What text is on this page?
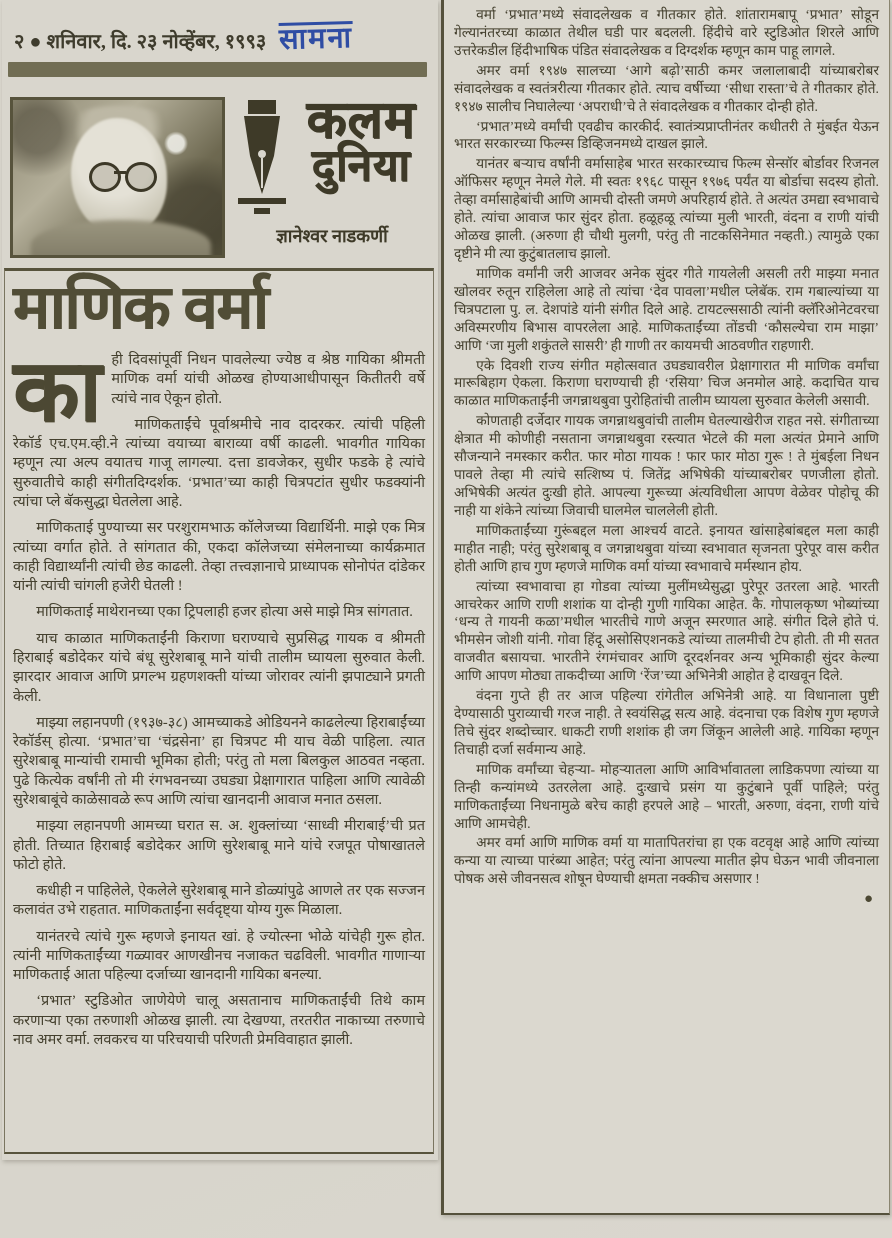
२ ● शनिवार, दि. २३ नोव्हेंबर, १९९३ सामना
कलम
दुनिया
ज्ञानेश्वर नाडकर्णी
माणिक वर्मा

का ही दिवसांपूर्वी निधन पावलेल्या ज्येष्ठ व श्रेष्ठ गायिका श्रीमती माणिक वर्मा यांची ओळख होण्याआधीपासून कितीतरी वर्षे त्यांचे नाव ऐकून होतो.

माणिकताईंचे पूर्वाश्रमीचे नाव दादरकर. त्यांची पहिली रेकॉर्ड एच.एम.व्ही.ने त्यांच्या वयाच्या बाराव्या वर्षी काढली. भावगीत गायिका म्हणून त्या अल्प वयातच गाजू लागल्या. दत्ता डावजेकर, सुधीर फडके हे त्यांचे सुरुवातीचे काही संगीतदिग्दर्शक. ‘प्रभात’च्या काही चित्रपटांत सुधीर फडक्यांनी त्यांचा प्ले बॅकसुद्धा घेतलेला आहे.

माणिकताई पुण्याच्या सर परशुरामभाऊ कॉलेजच्या विद्यार्थिनी. माझे एक मित्र त्यांच्या वर्गात होते. ते सांगतात की, एकदा कॉलेजच्या संमेलनाच्या कार्यक्रमात काही विद्यार्थ्यांनी त्यांची छेड काढली. तेव्हा तत्त्वज्ञानाचे प्राध्यापक सोनोपंत दांडेकर यांनी त्यांची चांगली हजेरी घेतली !

माणिकताई माथेरानच्या एका ट्रिपलाही हजर होत्या असे माझे मित्र सांगतात.

याच काळात माणिकताईंनी किराणा घराण्याचे सुप्रसिद्ध गायक व श्रीमती हिराबाई बडोदेकर यांचे बंधू सुरेशबाबू माने यांची तालीम घ्यायला सुरुवात केली. झारदार आवाज आणि प्रगल्भ ग्रहणशक्ती यांच्या जोरावर त्यांनी झपाट्याने प्रगती केली.

माझ्या लहानपणी (१९३७-३८) आमच्याकडे ओडियनने काढलेल्या हिराबाईंच्या रेकॉर्डस् होत्या. ‘प्रभात’चा ‘चंद्रसेना’ हा चित्रपट मी याच वेळी पाहिला. त्यात सुरेशबाबू मान्यांची रामाची भूमिका होती; परंतु तो मला बिलकुल आठवत नव्हता. पुढे कित्येक वर्षांनी तो मी रंगभवनच्या उघड्या प्रेक्षागारात पाहिला आणि त्यावेळी सुरेशबाबूंचे काळेसावळे रूप आणि त्यांचा खानदानी आवाज मनात ठसला.

माझ्या लहानपणी आमच्या घरात स. अ. शुक्लांच्या ‘साध्वी मीराबाई’ची प्रत होती. तिच्यात हिराबाई बडोदेकर आणि सुरेशबाबू माने यांचे रजपूत पोषाखातले फोटो होते.

कधीही न पाहिलेले, ऐकलेले सुरेशबाबू माने डोळ्यांपुढे आणले तर एक सज्जन कलावंत उभे राहतात. माणिकताईंना सर्वदृष्ट्या योग्य गुरू मिळाला.

यानंतरचे त्यांचे गुरू म्हणजे इनायत खां. हे ज्योत्स्ना भोळे यांचेही गुरू होत. त्यांनी माणिकताईंच्या गळ्यावर आणखीनच नजाकत चढविली. भावगीत गाणाऱ्या माणिकताई आता पहिल्या दर्जाच्या खानदानी गायिका बनल्या.

‘प्रभात’ स्टुडिओत जाणेयेणे चालू असतानाच माणिकताईंची तिथे काम करणाऱ्या एका तरुणाशी ओळख झाली. त्या देखण्या, तरतरीत नाकाच्या तरुणाचे नाव अमर वर्मा. लवकरच या परिचयाची परिणती प्रेमविवाहात झाली.

वर्मा ‘प्रभात’मध्ये संवादलेखक व गीतकार होते. शांतारामबापू ‘प्रभात’ सोडून गेल्यानंतरच्या काळात तेथील घडी पार बदलली. हिंदीचे वारे स्टुडिओत शिरले आणि उत्तरेकडील हिंदीभाषिक पंडित संवादलेखक व दिग्दर्शक म्हणून काम पाहू लागले.

अमर वर्मा १९४७ सालच्या ‘आगे बढ़ो’साठी कमर जलालाबादी यांच्याबरोबर संवादलेखक व स्वतंत्ररीत्या गीतकार होते. त्याच वर्षीच्या ‘सीधा रास्ता’चे ते गीतकार होते. १९४७ सालीच निघालेल्या ‘अपराधी’चे ते संवादलेखक व गीतकार दोन्ही होते.

‘प्रभात’मध्ये वर्मांची एवढीच कारकीर्द. स्वातंत्र्यप्राप्तीनंतर कधीतरी ते मुंबईत येऊन भारत सरकारच्या फिल्म्स डिव्हिजनमध्ये दाखल झाले.

यानंतर बऱ्याच वर्षांनी वर्मासाहेब भारत सरकारच्याच फिल्म सेन्सॉर बोर्डावर रिजनल ऑफिसर म्हणून नेमले गेले. मी स्वतः १९६८ पासून १९७६ पर्यंत या बोर्डाचा सदस्य होतो. तेव्हा वर्मासाहेबांची आणि आमची दोस्ती जमणे अपरिहार्य होते. ते अत्यंत उमद्या स्वभावाचे होते. त्यांचा आवाज फार सुंदर होता. हळूहळू त्यांच्या मुली भारती, वंदना व राणी यांची ओळख झाली. (अरुणा ही चौथी मुलगी, परंतु ती नाटकसिनेमात नव्हती.) त्यामुळे एका दृष्टीने मी त्या कुटुंबातलाच झालो.

माणिक वर्मांनी जरी आजवर अनेक सुंदर गीते गायलेली असली तरी माझ्या मनात खोलवर रुतून राहिलेला आहे तो त्यांचा ‘देव पावला’मधील प्लेबॅक. राम गबाल्यांच्या या चित्रपटाला पु. ल. देशपांडे यांनी संगीत दिले आहे. टायटल्ससाठी त्यांनी क्लॅरिओनेटवरचा अविस्मरणीय बिभास वापरलेला आहे. माणिकताईंच्या तोंडची ‘कौसल्येचा राम माझा’ आणि ‘जा मुली शकुंतले सासरी’ ही गाणी तर कायमची आठवणीत राहणारी.

एके दिवशी राज्य संगीत महोत्सवात उघड्यावरील प्रेक्षागारात मी माणिक वर्मांचा मारूबिहाग ऐकला. किराणा घराण्याची ही ‘रसिया’ चिज अनमोल आहे. कदाचित याच काळात माणिकताईंनी जगन्नाथबुवा पुरोहितांची तालीम घ्यायला सुरुवात केलेली असावी.

कोणताही दर्जेदार गायक जगन्नाथबुवांची तालीम घेतल्याखेरीज राहत नसे. संगीताच्या क्षेत्रात मी कोणीही नसताना जगन्नाथबुवा रस्त्यात भेटले की मला अत्यंत प्रेमाने आणि सौजन्याने नमस्कार करीत. फार मोठा गायक ! फार फार मोठा गुरू ! ते मुंबईला निधन पावले तेव्हा मी त्यांचे सत्शिष्य पं. जितेंद्र अभिषेकी यांच्याबरोबर पणजीला होतो. अभिषेकी अत्यंत दुःखी होते. आपल्या गुरूच्या अंत्यविधीला आपण वेळेवर पोहोचू की नाही या शंकेने त्यांच्या जिवाची घालमेल चाललेली होती.

माणिकताईंच्या गुरूंबद्दल मला आश्चर्य वाटते. इनायत खांसाहेबांबद्दल मला काही माहीत नाही; परंतु सुरेशबाबू व जगन्नाथबुवा यांच्या स्वभावात सृजनता पुरेपूर वास करीत होती आणि हाच गुण म्हणजे माणिक वर्मा यांच्या स्वभावाचे मर्मस्थान होय.

त्यांच्या स्वभावाचा हा गोडवा त्यांच्या मुलींमध्येसुद्धा पुरेपूर उतरला आहे. भारती आचरेकर आणि राणी शशांक या दोन्ही गुणी गायिका आहेत. कै. गोपालकृष्ण भोब्यांच्या ‘धन्य ते गायनी कळा’मधील भारतीचे गाणे अजून स्मरणात आहे. संगीत दिले होते पं. भीमसेन जोशी यांनी. गोवा हिंदू असोसिएशनकडे त्यांच्या तालमीची टेप होती. ती मी सतत वाजवीत बसायचा. भारतीने रंगमंचावर आणि दूरदर्शनवर अन्य भूमिकाही सुंदर केल्या आणि आपण मोठ्या ताकदीच्या आणि ‘रेंज’च्या अभिनेत्री आहोत हे दाखवून दिले.

वंदना गुप्ते ही तर आज पहिल्या रांगेतील अभिनेत्री आहे. या विधानाला पुष्टी देण्यासाठी पुराव्याची गरज नाही. ते स्वयंसिद्ध सत्य आहे. वंदनाचा एक विशेष गुण म्हणजे तिचे सुंदर शब्दोच्चार. धाकटी राणी शशांक ही जग जिंकून आलेली आहे. गायिका म्हणून तिचाही दर्जा सर्वमान्य आहे.

माणिक वर्मांच्या चेहऱ्या- मोहऱ्यातला आणि आविर्भावातला लाडिकपणा त्यांच्या या तिन्ही कन्यांमध्ये उतरलेला आहे. दुःखाचे प्रसंग या कुटुंबाने पूर्वी पाहिले; परंतु माणिकताईंच्या निधनामुळे बरेच काही हरपले आहे – भारती, अरुणा, वंदना, राणी यांचे आणि आमचेही.

अमर वर्मा आणि माणिक वर्मा या मातापितरांचा हा एक वटवृक्ष आहे आणि त्यांच्या कन्या या त्याच्या पारंब्या आहेत; परंतु त्यांना आपल्या मातीत झेप घेऊन भावी जीवनाला पोषक असे जीवनसत्व शोषून घेण्याची क्षमता नक्कीच असणार !

●
